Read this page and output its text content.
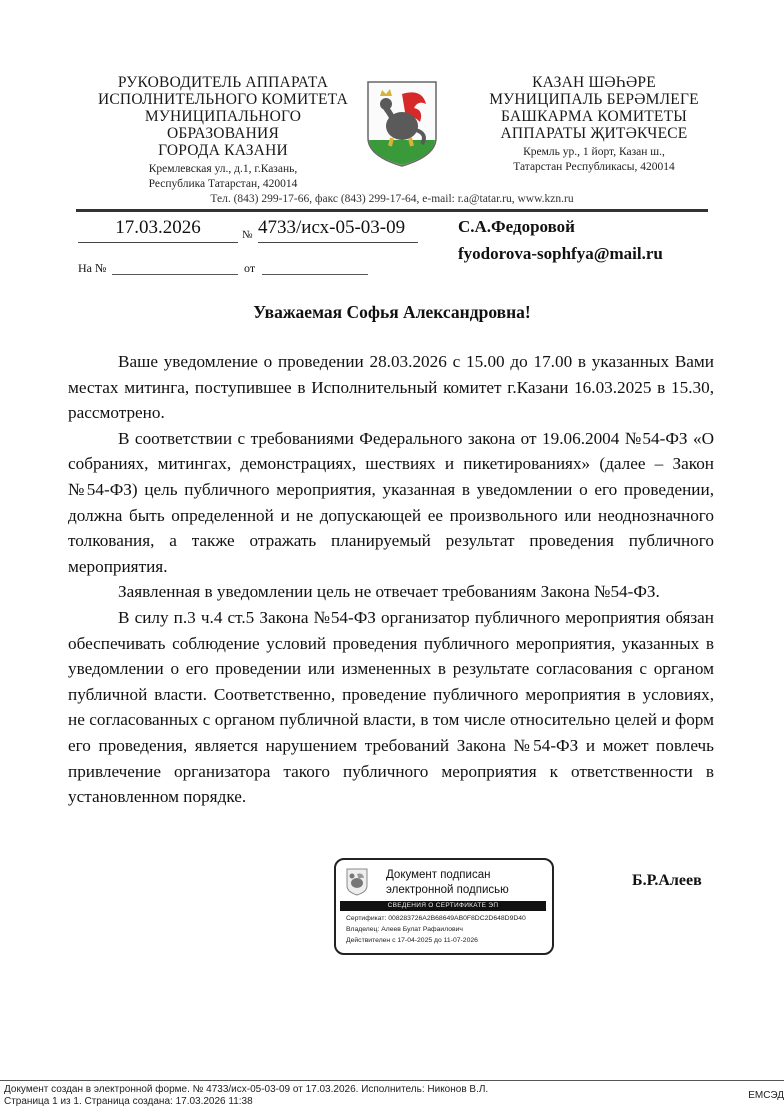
РУКОВОДИТЕЛЬ АППАРАТА
ИСПОЛНИТЕЛЬНОГО КОМИТЕТА
МУНИЦИПАЛЬНОГО ОБРАЗОВАНИЯ
ГОРОДА КАЗАНИ
Кремлевская ул., д.1, г.Казань,
Республика Татарстан, 420014
КАЗАН ШӘҺӘРЕ
МУНИЦИПАЛЬ БЕРӘМЛЕГЕ
БАШКАРМА КОМИТЕТЫ
АППАРАТЫ ҖИТӘКЧЕСЕ
Кремль ур., 1 йорт, Казан ш.,
Татарстан Республикасы, 420014
Тел. (843) 299-17-66, факс (843) 299-17-64, e-mail: r.a@tatar.ru, www.kzn.ru
17.03.2026	№ 4733/исх-05-03-09
На №	от
С.А.Федоровой
fyodorova-sophfya@mail.ru
Уважаемая Софья Александровна!

Ваше уведомление о проведении 28.03.2026 с 15.00 до 17.00 в указанных Вами местах митинга, поступившее в Исполнительный комитет г.Казани 16.03.2025 в 15.30, рассмотрено.

В соответствии с требованиями Федерального закона от 19.06.2004 №54-ФЗ «О собраниях, митингах, демонстрациях, шествиях и пикетированиях» (далее – Закон №54-ФЗ) цель публичного мероприятия, указанная в уведомлении о его проведении, должна быть определенной и не допускающей ее произвольного или неоднозначного толкования, а также отражать планируемый результат проведения публичного мероприятия.

Заявленная в уведомлении цель не отвечает требованиям Закона №54-ФЗ.

В силу п.3 ч.4 ст.5 Закона №54-ФЗ организатор публичного мероприятия обязан обеспечивать соблюдение условий проведения публичного мероприятия, указанных в уведомлении о его проведении или измененных в результате согласования с органом публичной власти. Соответственно, проведение публичного мероприятия в условиях, не согласованных с органом публичной власти, в том числе относительно целей и форм его проведения, является нарушением требований Закона №54-ФЗ и может повлечь привлечение организатора такого публичного мероприятия к ответственности в установленном порядке.

Документ подписан
электронной подписью
СВЕДЕНИЯ О СЕРТИФИКАТЕ ЭП
Сертификат: 008283726A2B68649AB0F8DC2D648D9D40
Владелец: Алеев Булат Рафаилович
Действителен с 17-04-2025 до 11-07-2026
Б.Р.Алеев
Документ создан в электронной форме. № 4733/исх-05-03-09 от 17.03.2026. Исполнитель: Никонов В.Л.
Страница 1 из 1. Страница создана: 17.03.2026 11:38
ЕМСЭД
